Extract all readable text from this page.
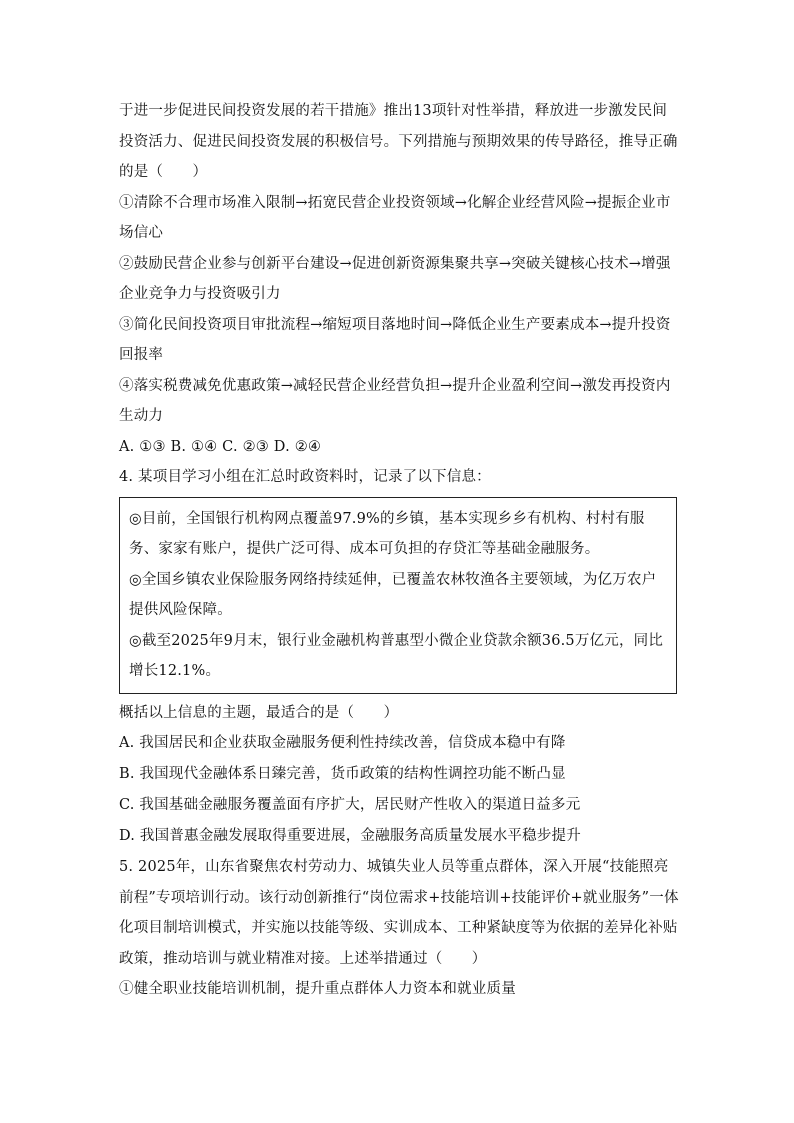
于进一步促进民间投资发展的若干措施》推出13项针对性举措，释放进一步激发民间投资活力、促进民间投资发展的积极信号。下列措施与预期效果的传导路径，推导正确的是（　　）

①清除不合理市场准入限制→拓宽民营企业投资领域→化解企业经营风险→提振企业市场信心

②鼓励民营企业参与创新平台建设→促进创新资源集聚共享→突破关键核心技术→增强企业竞争力与投资吸引力

③简化民间投资项目审批流程→缩短项目落地时间→降低企业生产要素成本→提升投资回报率

④落实税费减免优惠政策→减轻民营企业经营负担→提升企业盈利空间→激发再投资内生动力

A. ①③ B. ①④ C. ②③ D. ②④

4. 某项目学习小组在汇总时政资料时，记录了以下信息：

◎目前，全国银行机构网点覆盖97.9%的乡镇，基本实现乡乡有机构、村村有服务、家家有账户，提供广泛可得、成本可负担的存贷汇等基础金融服务。

◎全国乡镇农业保险服务网络持续延伸，已覆盖农林牧渔各主要领域，为亿万农户提供风险保障。

◎截至2025年9月末，银行业金融机构普惠型小微企业贷款余额36.5万亿元，同比增长12.1%。

概括以上信息的主题，最适合的是（　　）

A. 我国居民和企业获取金融服务便利性持续改善，信贷成本稳中有降

B. 我国现代金融体系日臻完善，货币政策的结构性调控功能不断凸显

C. 我国基础金融服务覆盖面有序扩大，居民财产性收入的渠道日益多元

D. 我国普惠金融发展取得重要进展，金融服务高质量发展水平稳步提升

5. 2025年，山东省聚焦农村劳动力、城镇失业人员等重点群体，深入开展“技能照亮前程”专项培训行动。该行动创新推行“岗位需求+技能培训+技能评价+就业服务”一体化项目制培训模式，并实施以技能等级、实训成本、工种紧缺度等为依据的差异化补贴政策，推动培训与就业精准对接。上述举措通过（　　）

①健全职业技能培训机制，提升重点群体人力资本和就业质量
